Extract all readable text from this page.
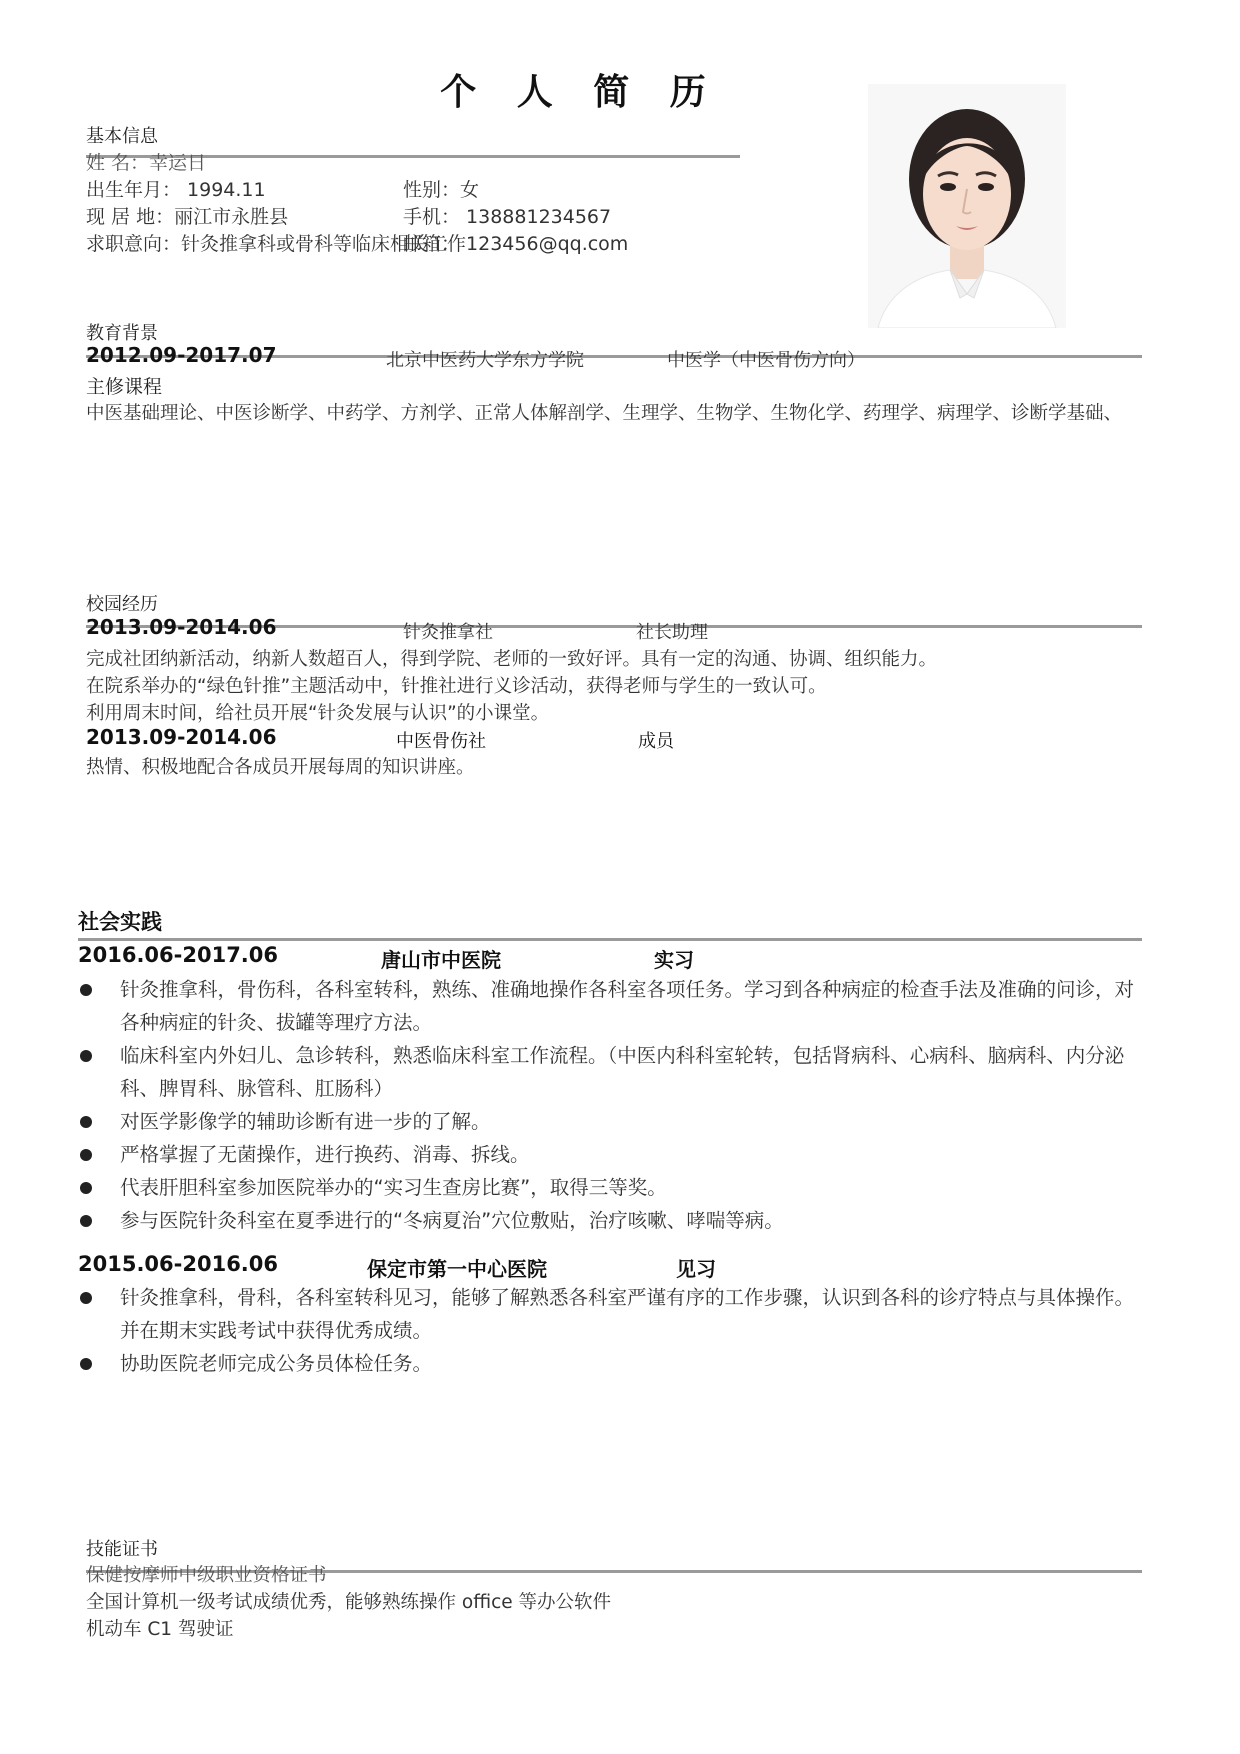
个 人 简 历
基本信息
姓 名：幸运日
出生年月： 1994.11	性别：女
现 居 地：丽江市永胜县	手机： 138881234567
求职意向：针灸推拿科或骨科等临床相关工作
邮箱： 123456@qq.com
教育背景
2012.09-2017.07	北京中医药大学东方学院	中医学（中医骨伤方向）
主修课程
中医基础理论、中医诊断学、中药学、方剂学、正常人体解剖学、生理学、生物学、生物化学、药理学、病理学、诊断学基础、
校园经历
2013.09-2014.06	针灸推拿社	社长助理
完成社团纳新活动，纳新人数超百人，得到学院、老师的一致好评。具有一定的沟通、协调、组织能力。
在院系举办的“绿色针推”主题活动中，针推社进行义诊活动，获得老师与学生的一致认可。
利用周末时间，给社员开展“针灸发展与认识”的小课堂。
2013.09-2014.06	中医骨伤社	成员
热情、积极地配合各成员开展每周的知识讲座。
社会实践
2016.06-2017.06	唐山市中医院	实习
针灸推拿科，骨伤科，各科室转科，熟练、准确地操作各科室各项任务。学习到各种病症的检查手法及准确的问诊，对各种病症的针灸、拔罐等理疗方法。
临床科室内外妇儿、急诊转科，熟悉临床科室工作流程。（中医内科科室轮转，包括肾病科、心病科、脑病科、内分泌科、脾胃科、脉管科、肛肠科）
对医学影像学的辅助诊断有进一步的了解。
严格掌握了无菌操作，进行换药、消毒、拆线。
代表肝胆科室参加医院举办的“实习生查房比赛”，取得三等奖。
参与医院针灸科室在夏季进行的“冬病夏治”穴位敷贴，治疗咳嗽、哮喘等病。
2015.06-2016.06	保定市第一中心医院	见习
针灸推拿科，骨科，各科室转科见习，能够了解熟悉各科室严谨有序的工作步骤，认识到各科的诊疗特点与具体操作。并在期末实践考试中获得优秀成绩。
协助医院老师完成公务员体检任务。
技能证书
保健按摩师中级职业资格证书
全国计算机一级考试成绩优秀，能够熟练操作 office 等办公软件
机动车 C1 驾驶证
